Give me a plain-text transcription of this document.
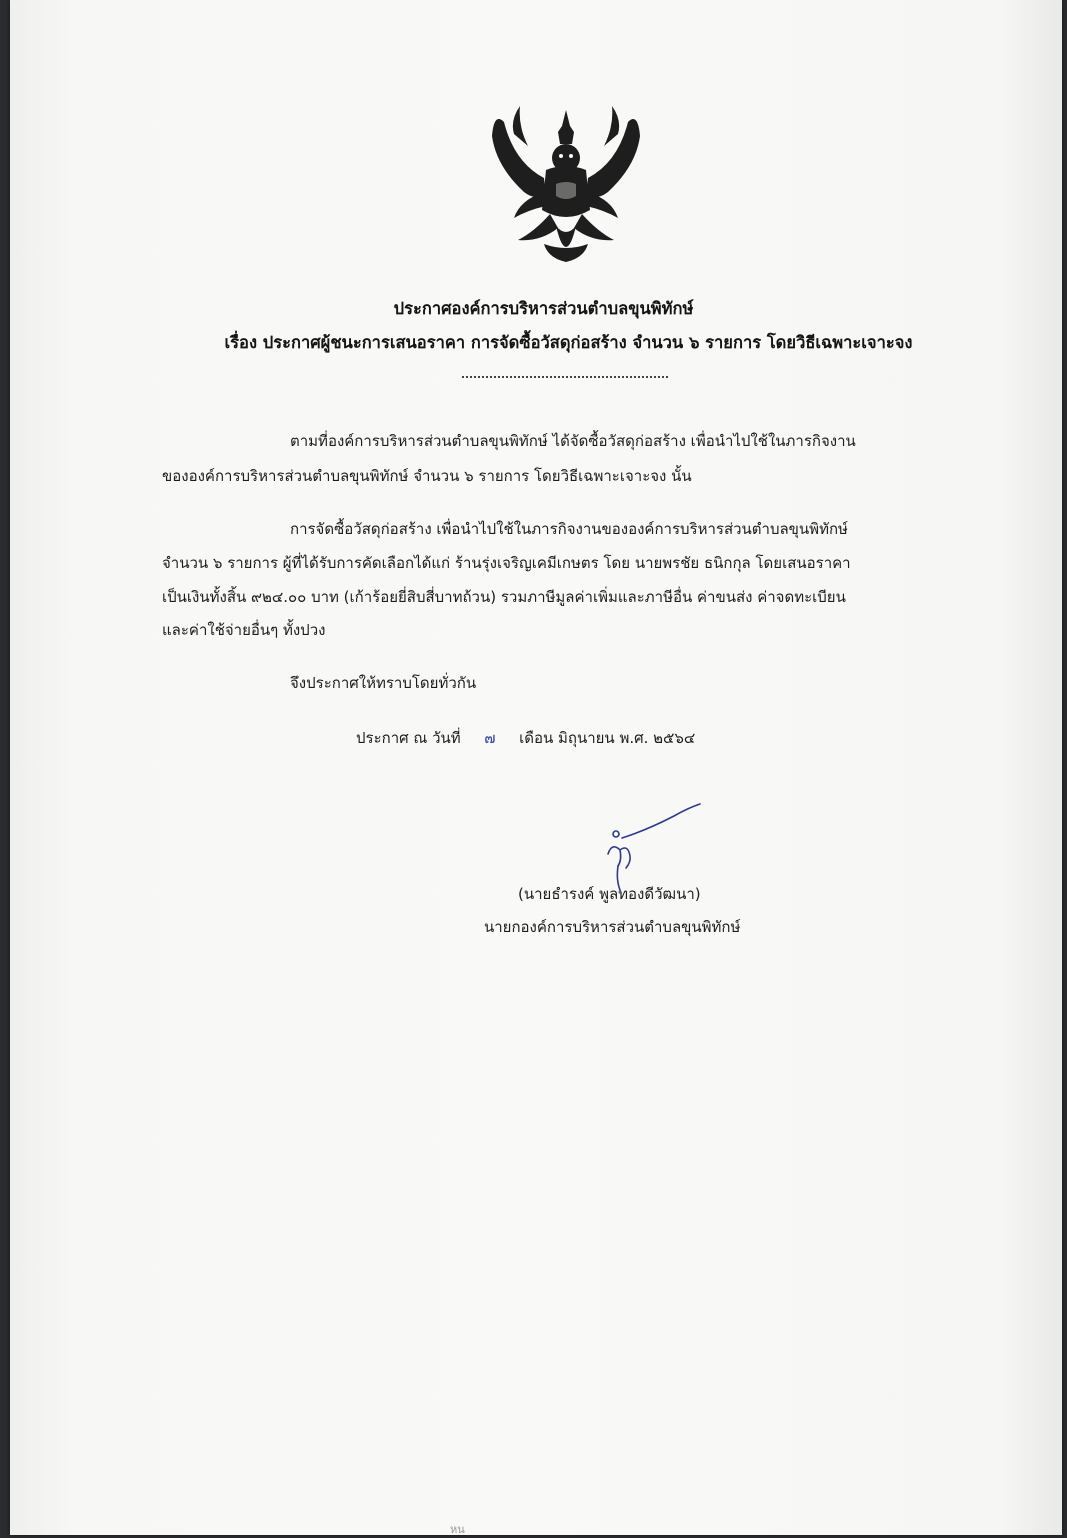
ประกาศองค์การบริหารส่วนตำบลขุนพิทักษ์
เรื่อง ประกาศผู้ชนะการเสนอราคา การจัดซื้อวัสดุก่อสร้าง จำนวน ๖ รายการ โดยวิธีเฉพาะเจาะจง
ตามที่องค์การบริหารส่วนตำบลขุนพิทักษ์ ได้จัดซื้อวัสดุก่อสร้าง เพื่อนำไปใช้ในภารกิจงาน
ขององค์การบริหารส่วนตำบลขุนพิทักษ์ จำนวน ๖ รายการ โดยวิธีเฉพาะเจาะจง นั้น
การจัดซื้อวัสดุก่อสร้าง เพื่อนำไปใช้ในภารกิจงานขององค์การบริหารส่วนตำบลขุนพิทักษ์
จำนวน ๖ รายการ ผู้ที่ได้รับการคัดเลือกได้แก่ ร้านรุ่งเจริญเคมีเกษตร โดย นายพรชัย ธนิกกุล โดยเสนอราคา
เป็นเงินทั้งสิ้น ๙๒๔.๐๐ บาท (เก้าร้อยยี่สิบสี่บาทถ้วน) รวมภาษีมูลค่าเพิ่มและภาษีอื่น ค่าขนส่ง ค่าจดทะเบียน
และค่าใช้จ่ายอื่นๆ ทั้งปวง
จึงประกาศให้ทราบโดยทั่วกัน
ประกาศ ณ วันที่ ๗ เดือน มิถุนายน พ.ศ. ๒๕๖๔
(นายธำรงค์ พูลทองดีวัฒนา)
นายกองค์การบริหารส่วนตำบลขุนพิทักษ์
หน
